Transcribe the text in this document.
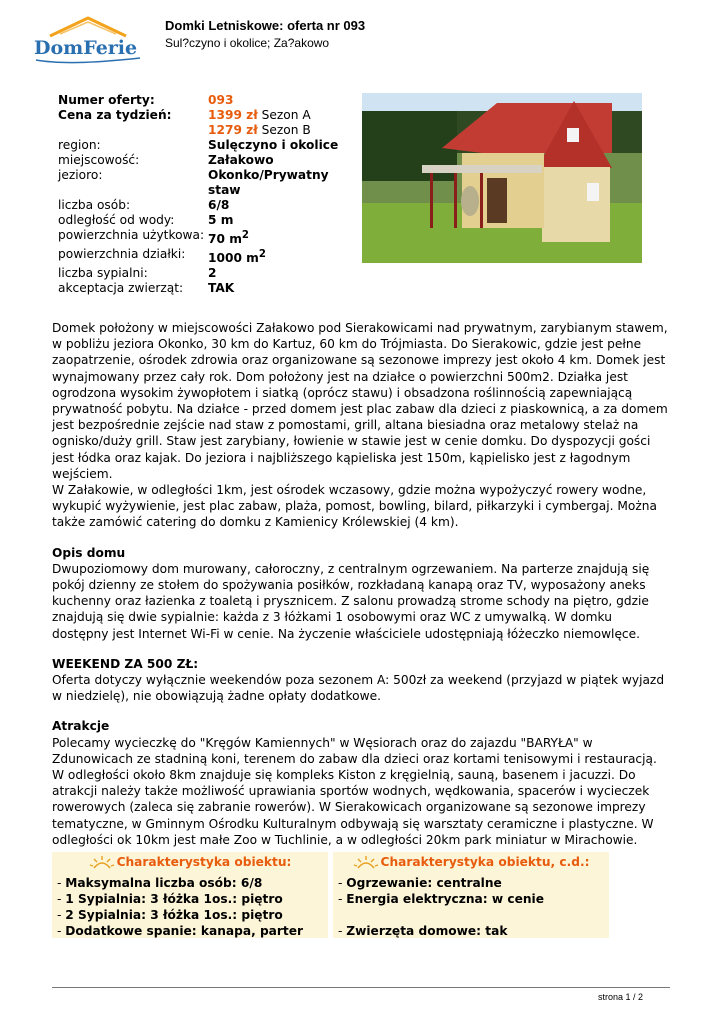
DomFerie
Domki Letniskowe: oferta nr 093
Sul?czyno i okolice; Za?akowo
Numer oferty:	093
Cena za tydzień:	1399 zł Sezon A
	1279 zł Sezon B
region:	Sulęczyno i okolice
miejscowość:	Załakowo
jezioro:	Okonko/Prywatny staw
liczba osób:	6/8
odległość od wody:	5 m
powierzchnia użytkowa:	70 $m^2$
powierzchnia działki:	1000 $m^2$
liczba sypialni:	2
akceptacja zwierząt:	TAK

Domek położony w miejscowości Załakowo pod Sierakowicami nad prywatnym, zarybianym stawem, w pobliżu jeziora Okonko, 30 km do Kartuz, 60 km do Trójmiasta. Do Sierakowic, gdzie jest pełne zaopatrzenie, ośrodek zdrowia oraz organizowane są sezonowe imprezy jest około 4 km. Domek jest wynajmowany przez cały rok. Dom położony jest na działce o powierzchni 500m2. Działka jest ogrodzona wysokim żywopłotem i siatką (oprócz stawu) i obsadzona roślinnością zapewniającą prywatność pobytu. Na działce - przed domem jest plac zabaw dla dzieci z piaskownicą, a za domem jest bezpośrednie zejście nad staw z pomostami, grill, altana biesiadna oraz metalowy stelaż na ognisko/duży grill. Staw jest zarybiany, łowienie w stawie jest w cenie domku. Do dyspozycji gości jest łódka oraz kajak. Do jeziora i najbliższego kąpieliska jest 150m, kąpielisko jest z łagodnym wejściem.

W Załakowie, w odległości 1km, jest ośrodek wczasowy, gdzie można wypożyczyć rowery wodne, wykupić wyżywienie, jest plac zabaw, plaża, pomost, bowling, bilard, piłkarzyki i cymbergaj. Można także zamówić catering do domku z Kamienicy Królewskiej (4 km).

Opis domu

Dwupoziomowy dom murowany, całoroczny, z centralnym ogrzewaniem. Na parterze znajdują się pokój dzienny ze stołem do spożywania posiłków, rozkładaną kanapą oraz TV, wyposażony aneks kuchenny oraz łazienka z toaletą i prysznicem. Z salonu prowadzą strome schody na piętro, gdzie znajdują się dwie sypialnie: każda z 3 łóżkami 1 osobowymi oraz WC z umywalką. W domku dostępny jest Internet Wi-Fi w cenie. Na życzenie właściciele udostępniają łóżeczko niemowlęce.

WEEKEND ZA 500 ZŁ:

Oferta dotyczy wyłącznie weekendów poza sezonem A: 500zł za weekend (przyjazd w piątek wyjazd w niedzielę), nie obowiązują żadne opłaty dodatkowe.

Atrakcje

Polecamy wycieczkę do "Kręgów Kamiennych" w Węsiorach oraz do zajazdu "BARYŁA" w Zdunowicach ze stadniną koni, terenem do zabaw dla dzieci oraz kortami tenisowymi i restauracją. W odległości około 8km znajduje się kompleks Kiston z kręgielnią, sauną, basenem i jacuzzi. Do atrakcji należy także możliwość uprawiania sportów wodnych, wędkowania, spacerów i wycieczek rowerowych (zaleca się zabranie rowerów). W Sierakowicach organizowane są sezonowe imprezy tematyczne, w Gminnym Ośrodku Kulturalnym odbywają się warsztaty ceramiczne i plastyczne. W odległości ok 10km jest małe Zoo w Tuchlinie, a w odległości 20km park miniatur w Mirachowie.

Charakterystyka obiektu:
- Maksymalna liczba osób: 6/8
- 1 Sypialnia: 3 łóżka 1os.: piętro
- 2 Sypialnia: 3 łóżka 1os.: piętro
- Dodatkowe spanie: kanapa, parter
Charakterystyka obiektu, c.d.:
- Ogrzewanie: centralne
- Energia elektryczna: w cenie

- Zwierzęta domowe: tak
strona 1 / 2
